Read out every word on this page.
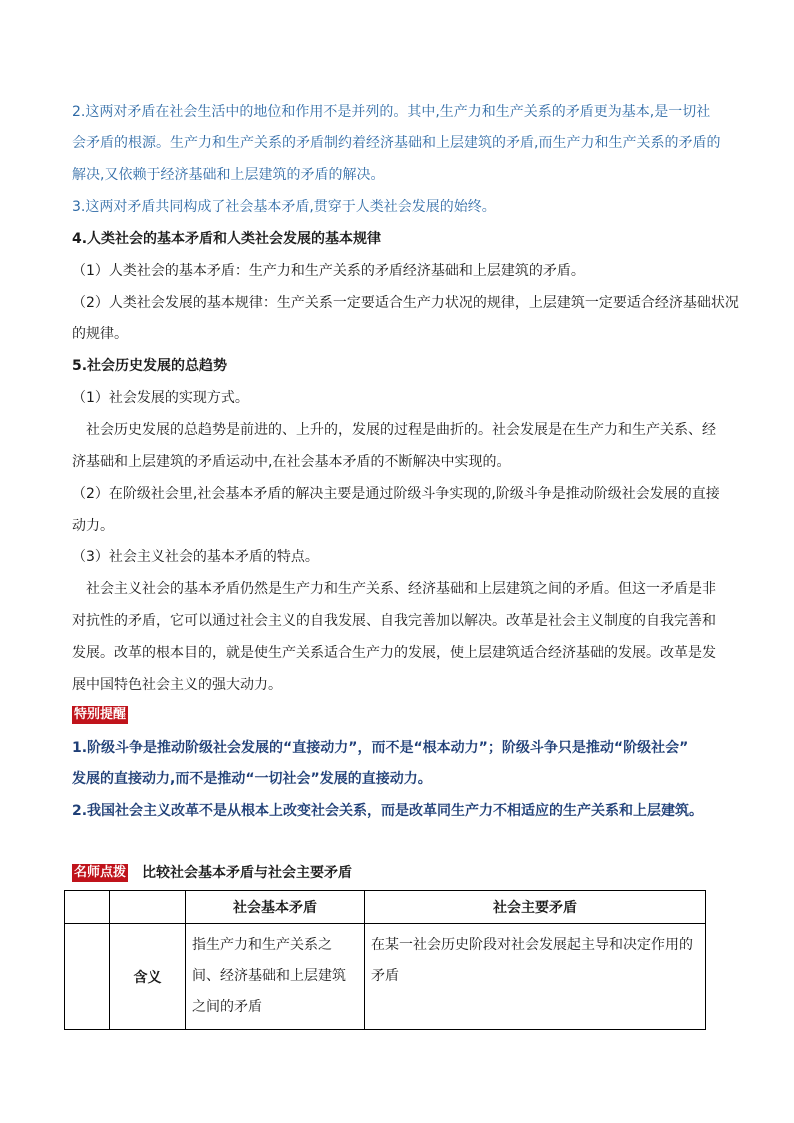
2.这两对矛盾在社会生活中的地位和作用不是并列的。其中,生产力和生产关系的矛盾更为基本,是一切社
会矛盾的根源。生产力和生产关系的矛盾制约着经济基础和上层建筑的矛盾,而生产力和生产关系的矛盾的
解决,又依赖于经济基础和上层建筑的矛盾的解决。
3.这两对矛盾共同构成了社会基本矛盾,贯穿于人类社会发展的始终。
4.人类社会的基本矛盾和人类社会发展的基本规律
（1）人类社会的基本矛盾：生产力和生产关系的矛盾经济基础和上层建筑的矛盾。
（2）人类社会发展的基本规律：生产关系一定要适合生产力状况的规律，上层建筑一定要适合经济基础状况
的规律。
5.社会历史发展的总趋势
（1）社会发展的实现方式。
　社会历史发展的总趋势是前进的、上升的，发展的过程是曲折的。社会发展是在生产力和生产关系、经
济基础和上层建筑的矛盾运动中,在社会基本矛盾的不断解决中实现的。
（2）在阶级社会里,社会基本矛盾的解决主要是通过阶级斗争实现的,阶级斗争是推动阶级社会发展的直接
动力。
（3）社会主义社会的基本矛盾的特点。
　社会主义社会的基本矛盾仍然是生产力和生产关系、经济基础和上层建筑之间的矛盾。但这一矛盾是非
对抗性的矛盾，它可以通过社会主义的自我发展、自我完善加以解决。改革是社会主义制度的自我完善和
发展。改革的根本目的，就是使生产关系适合生产力的发展，使上层建筑适合经济基础的发展。改革是发
展中国特色社会主义的强大动力。
特别提醒
1.阶级斗争是推动阶级社会发展的“直接动力”，而不是“根本动力”；阶级斗争只是推动“阶级社会”
发展的直接动力,而不是推动“一切社会”发展的直接动力。
2.我国社会主义改革不是从根本上改变社会关系，而是改革同生产力不相适应的生产关系和上层建筑。
名师点拨 比较社会基本矛盾与社会主要矛盾
		社会基本矛盾	社会主要矛盾
	含义	指生产力和生产关系之间、经济基础和上层建筑之间的矛盾	在某一社会历史阶段对社会发展起主导和决定作用的矛盾
